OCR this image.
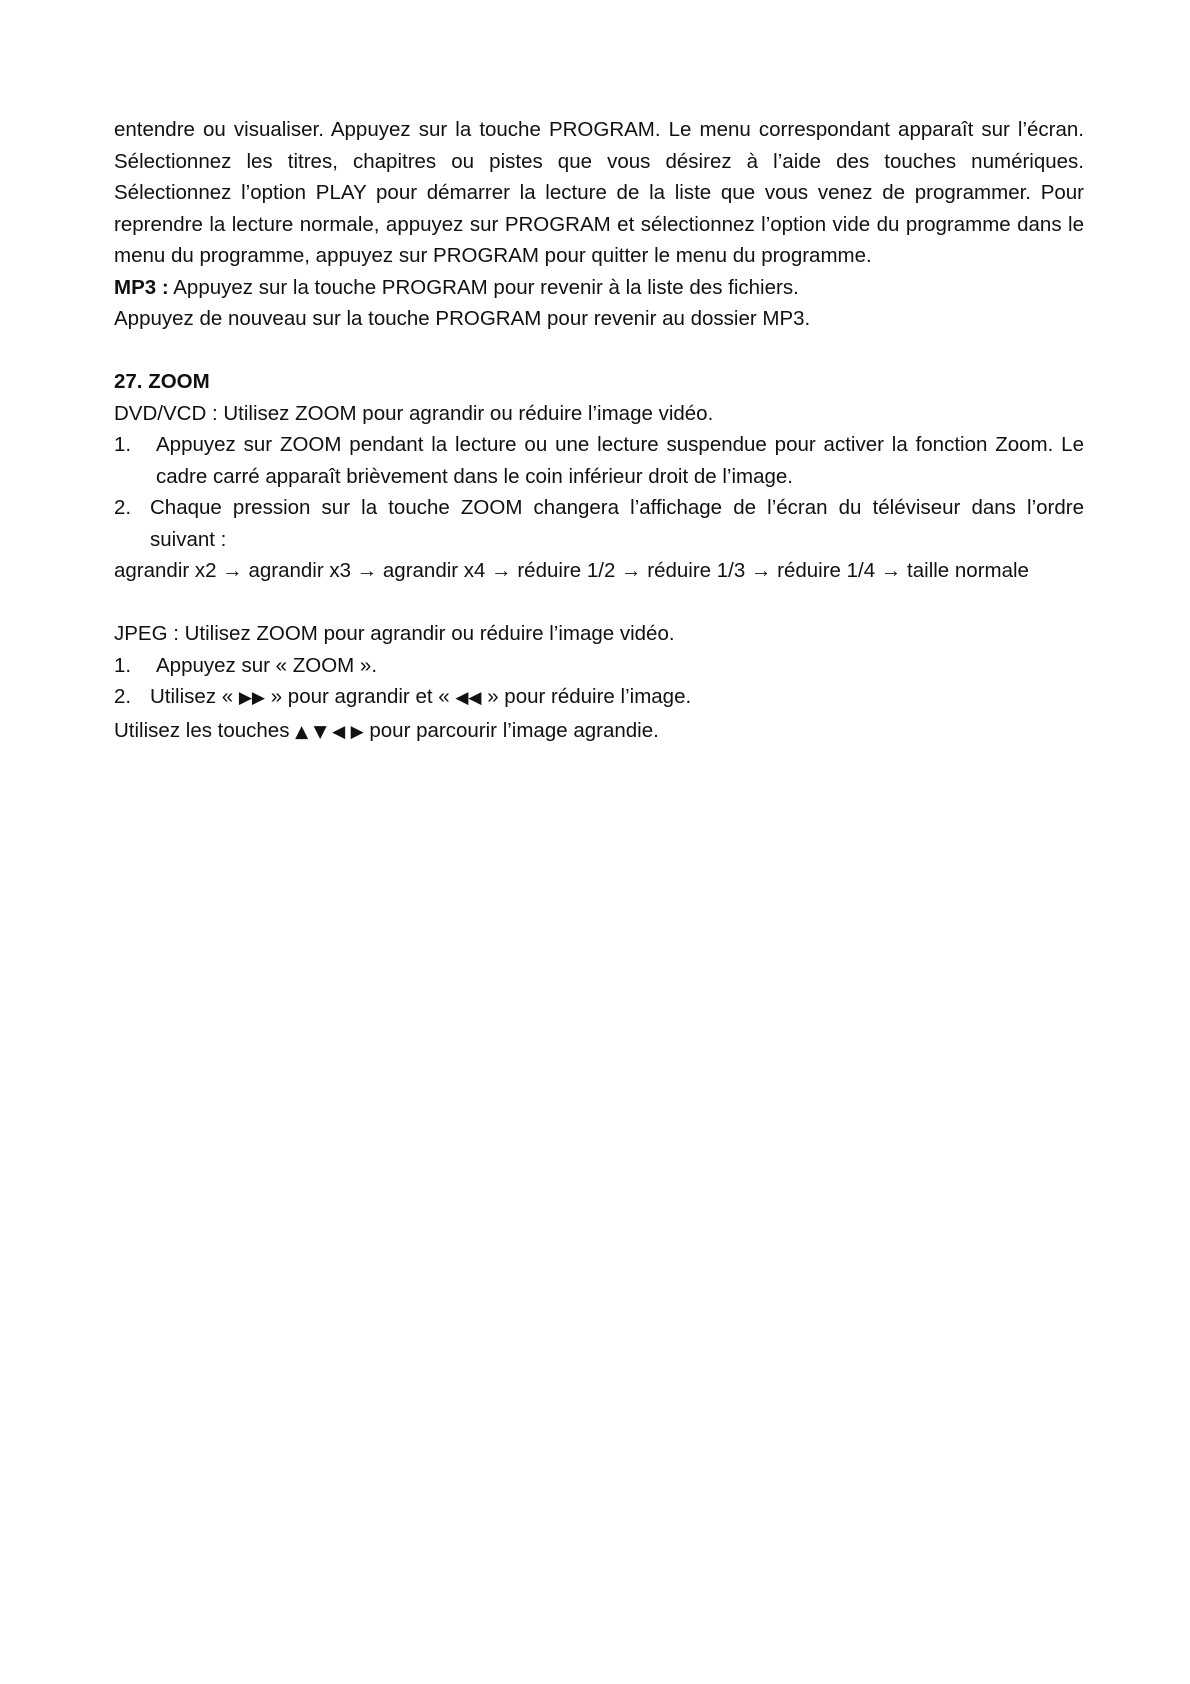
entendre ou visualiser. Appuyez sur la touche PROGRAM. Le menu correspondant apparaît sur l’écran. Sélectionnez les titres, chapitres ou pistes que vous désirez à l’aide des touches numériques. Sélectionnez l’option PLAY pour démarrer la lecture de la liste que vous venez de programmer. Pour reprendre la lecture normale, appuyez sur PROGRAM et sélectionnez l’option vide du programme dans le menu du programme, appuyez sur PROGRAM pour quitter le menu du programme.

MP3 : Appuyez sur la touche PROGRAM pour revenir à la liste des fichiers.

Appuyez de nouveau sur la touche PROGRAM pour revenir au dossier MP3.

27. ZOOM

DVD/VCD : Utilisez ZOOM pour agrandir ou réduire l’image vidéo.

1.	Appuyez sur ZOOM pendant la lecture ou une lecture suspendue pour activer la fonction Zoom. Le cadre carré apparaît brièvement dans le coin inférieur droit de l’image.
2. Chaque pression sur la touche ZOOM changera l’affichage de l’écran du téléviseur dans l’ordre suivant :

agrandir x2 → agrandir x3 → agrandir x4 → réduire 1/2 → réduire 1/3 → réduire 1/4 → taille normale

JPEG : Utilisez ZOOM pour agrandir ou réduire l’image vidéo.

1.	Appuyez sur « ZOOM ».
2. Utilisez « ▶▶ » pour agrandir et « ◀◀ » pour réduire l’image.

Utilisez les touches ▲ ▼ ◀ ▶ pour parcourir l’image agrandie.
